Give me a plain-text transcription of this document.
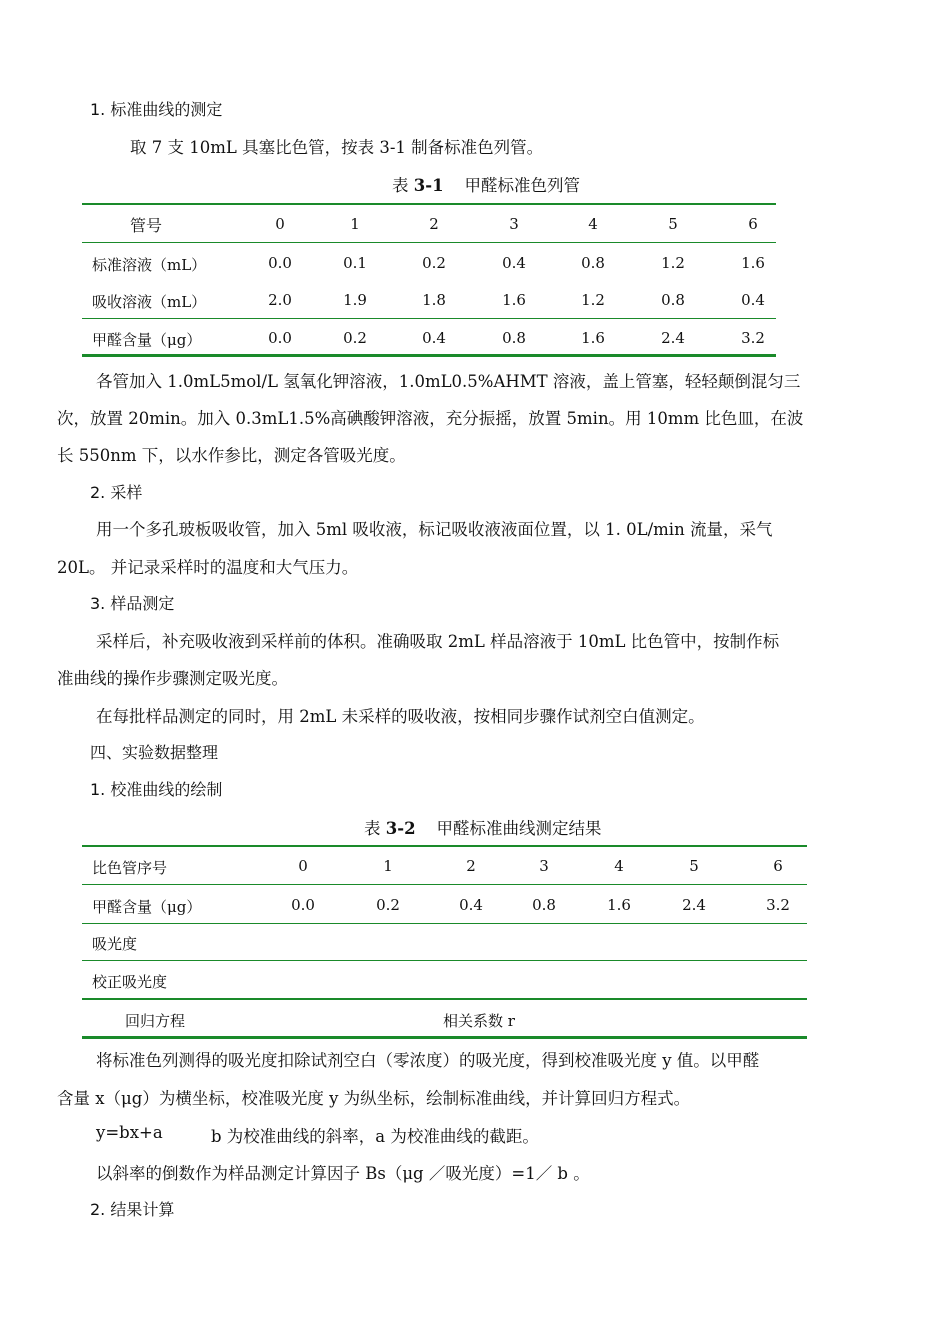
1. 标准曲线的测定
取 7 支 10mL 具塞比色管，按表 3-1 制备标准色列管。
表 3-1 甲醛标准色列管
管号	0	1	2	3	4	5	6
标准溶液（mL）	0.0	0.1	0.2	0.4	0.8	1.2	1.6
吸收溶液（mL）	2.0	1.9	1.8	1.6	1.2	0.8	0.4
甲醛含量（μg）	0.0	0.2	0.4	0.8	1.6	2.4	3.2
各管加入 1.0mL5mol/L 氢氧化钾溶液，1.0mL0.5%AHMT 溶液，盖上管塞，轻轻颠倒混匀三
次，放置 20min。加入 0.3mL1.5%高碘酸钾溶液，充分振摇，放置 5min。用 10mm 比色皿，在波
长 550nm 下，以水作参比，测定各管吸光度。
2. 采样
用一个多孔玻板吸收管，加入 5ml 吸收液，标记吸收液液面位置，以 1. 0L/min 流量，采气
20L。 并记录采样时的温度和大气压力。
3. 样品测定
采样后，补充吸收液到采样前的体积。准确吸取 2mL 样品溶液于 10mL 比色管中，按制作标
准曲线的操作步骤测定吸光度。
在每批样品测定的同时，用 2mL 未采样的吸收液，按相同步骤作试剂空白值测定。
四、实验数据整理
1. 校准曲线的绘制
表 3-2 甲醛标准曲线测定结果
比色管序号	0	1	2	3	4	5	6
甲醛含量（μg）	0.0	0.2	0.4	0.8	1.6	2.4	3.2
吸光度
校正吸光度
回归方程	相关系数 r
将标准色列测得的吸光度扣除试剂空白（零浓度）的吸光度，得到校准吸光度 y 值。以甲醛
含量 x（μg）为横坐标，校准吸光度 y 为纵坐标，绘制标准曲线，并计算回归方程式。
y=bx+a	b 为校准曲线的斜率，a 为校准曲线的截距。
以斜率的倒数作为样品测定计算因子 Bs（μg ／吸光度）=1／ b 。
2. 结果计算
